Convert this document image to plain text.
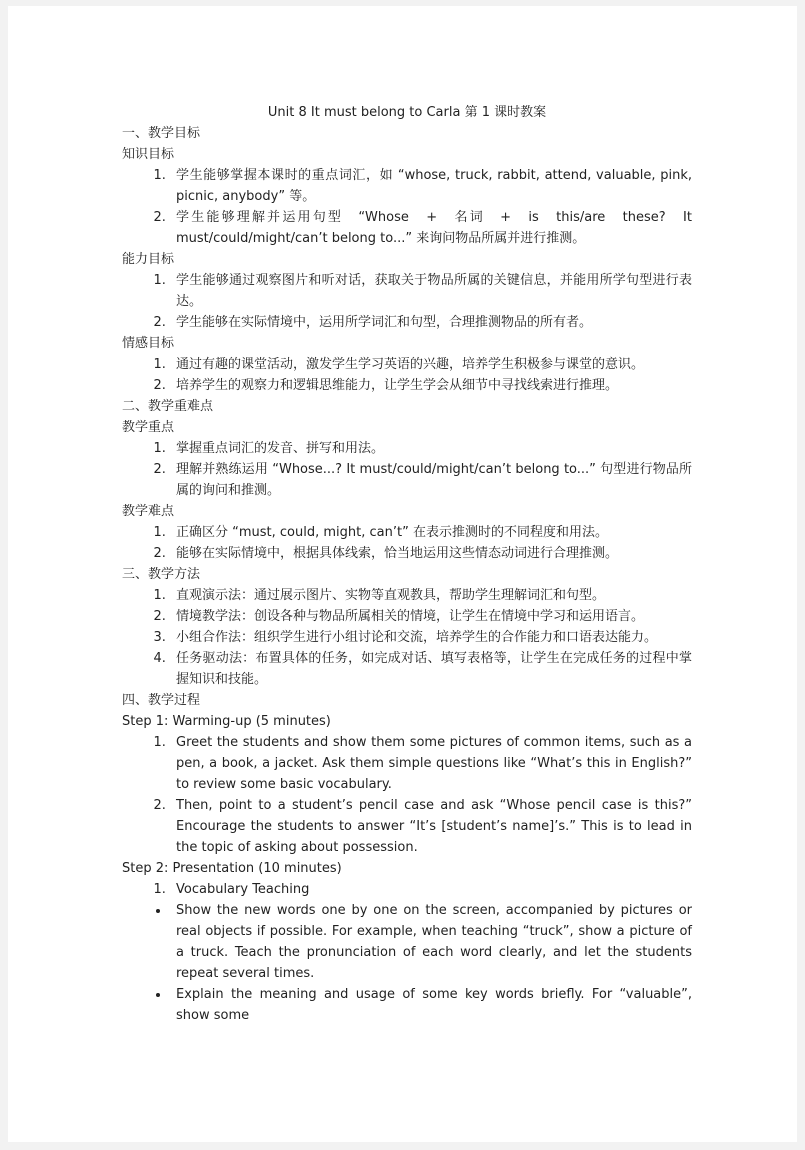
Unit 8 It must belong to Carla 第 1 课时教案
一、教学目标
知识目标
1. 学生能够掌握本课时的重点词汇，如 “whose, truck, rabbit, attend, valuable, pink, picnic, anybody” 等。
2. 学生能够理解并运用句型　“Whose　+　名词　+　is　this/are　these?　It must/could/might/can’t belong to...” 来询问物品所属并进行推测。
能力目标
1. 学生能够通过观察图片和听对话，获取关于物品所属的关键信息，并能用所学句型进行表达。
2. 学生能够在实际情境中，运用所学词汇和句型，合理推测物品的所有者。
情感目标
1. 通过有趣的课堂活动，激发学生学习英语的兴趣，培养学生积极参与课堂的意识。
2. 培养学生的观察力和逻辑思维能力，让学生学会从细节中寻找线索进行推理。
二、教学重难点
教学重点
1. 掌握重点词汇的发音、拼写和用法。
2. 理解并熟练运用 “Whose...? It must/could/might/can’t belong to...” 句型进行物品所属的询问和推测。
教学难点
1. 正确区分 “must, could, might, can’t” 在表示推测时的不同程度和用法。
2. 能够在实际情境中，根据具体线索，恰当地运用这些情态动词进行合理推测。
三、教学方法
1. 直观演示法：通过展示图片、实物等直观教具，帮助学生理解词汇和句型。
2. 情境教学法：创设各种与物品所属相关的情境，让学生在情境中学习和运用语言。
3. 小组合作法：组织学生进行小组讨论和交流，培养学生的合作能力和口语表达能力。
4. 任务驱动法：布置具体的任务，如完成对话、填写表格等，让学生在完成任务的过程中掌握知识和技能。
四、教学过程
Step 1: Warming-up (5 minutes)
1. Greet the students and show them some pictures of common items, such as a pen, a book, a jacket. Ask them simple questions like “What’s this in English?” to review some basic vocabulary.
2. Then, point to a student’s pencil case and ask “Whose pencil case is this?” Encourage the students to answer “It’s [student’s name]’s.” This is to lead in the topic of asking about possession.
Step 2: Presentation (10 minutes)
1. Vocabulary Teaching
• Show the new words one by one on the screen, accompanied by pictures or real objects if possible. For example, when teaching “truck”, show a picture of a truck. Teach the pronunciation of each word clearly, and let the students repeat several times.
• Explain the meaning and usage of some key words briefly. For “valuable”, show some
